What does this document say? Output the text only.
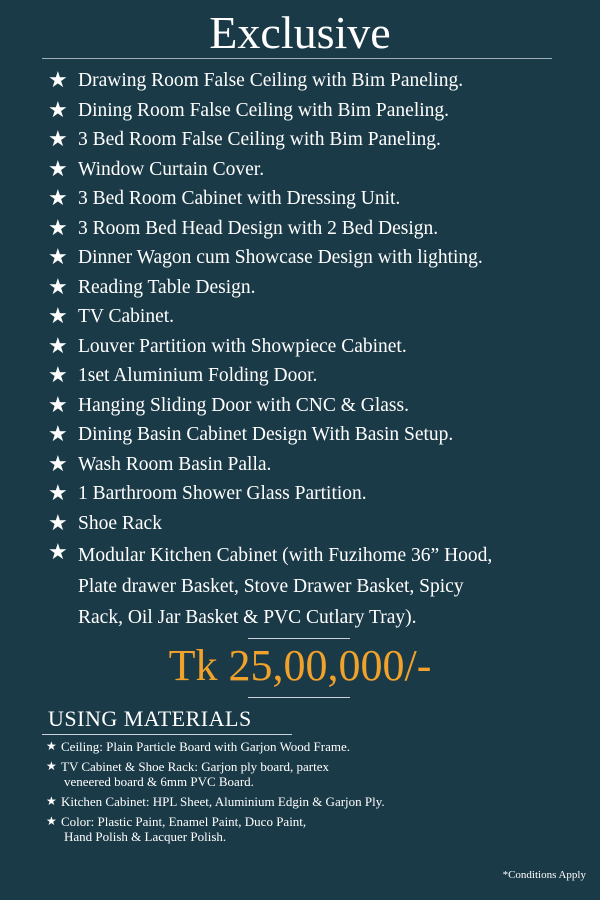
Exclusive
★ Drawing Room False Ceiling with Bim Paneling.
★ Dining Room False Ceiling with Bim Paneling.
★ 3 Bed Room False Ceiling with Bim Paneling.
★ Window Curtain Cover.
★ 3 Bed Room Cabinet with Dressing Unit.
★ 3 Room Bed Head Design with 2 Bed Design.
★ Dinner Wagon cum Showcase Design with lighting.
★ Reading Table Design.
★ TV Cabinet.
★ Louver Partition with Showpiece Cabinet.
★ 1set Aluminium Folding Door.
★ Hanging Sliding Door with CNC & Glass.
★ Dining Basin Cabinet Design With Basin Setup.
★ Wash Room Basin Palla.
★ 1 Barthroom Shower Glass Partition.
★ Shoe Rack
★ Modular Kitchen Cabinet (with Fuzihome 36” Hood,
Plate drawer Basket, Stove Drawer Basket, Spicy
Rack, Oil Jar Basket & PVC Cutlary Tray).
Tk 25,00,000/-
USING MATERIALS
★ Ceiling: Plain Particle Board with Garjon Wood Frame.
★ TV Cabinet & Shoe Rack: Garjon ply board, partex
veneered board & 6mm PVC Board.
★ Kitchen Cabinet: HPL Sheet, Aluminium Edgin & Garjon Ply.
★ Color: Plastic Paint, Enamel Paint, Duco Paint,
Hand Polish & Lacquer Polish.
*Conditions Apply
